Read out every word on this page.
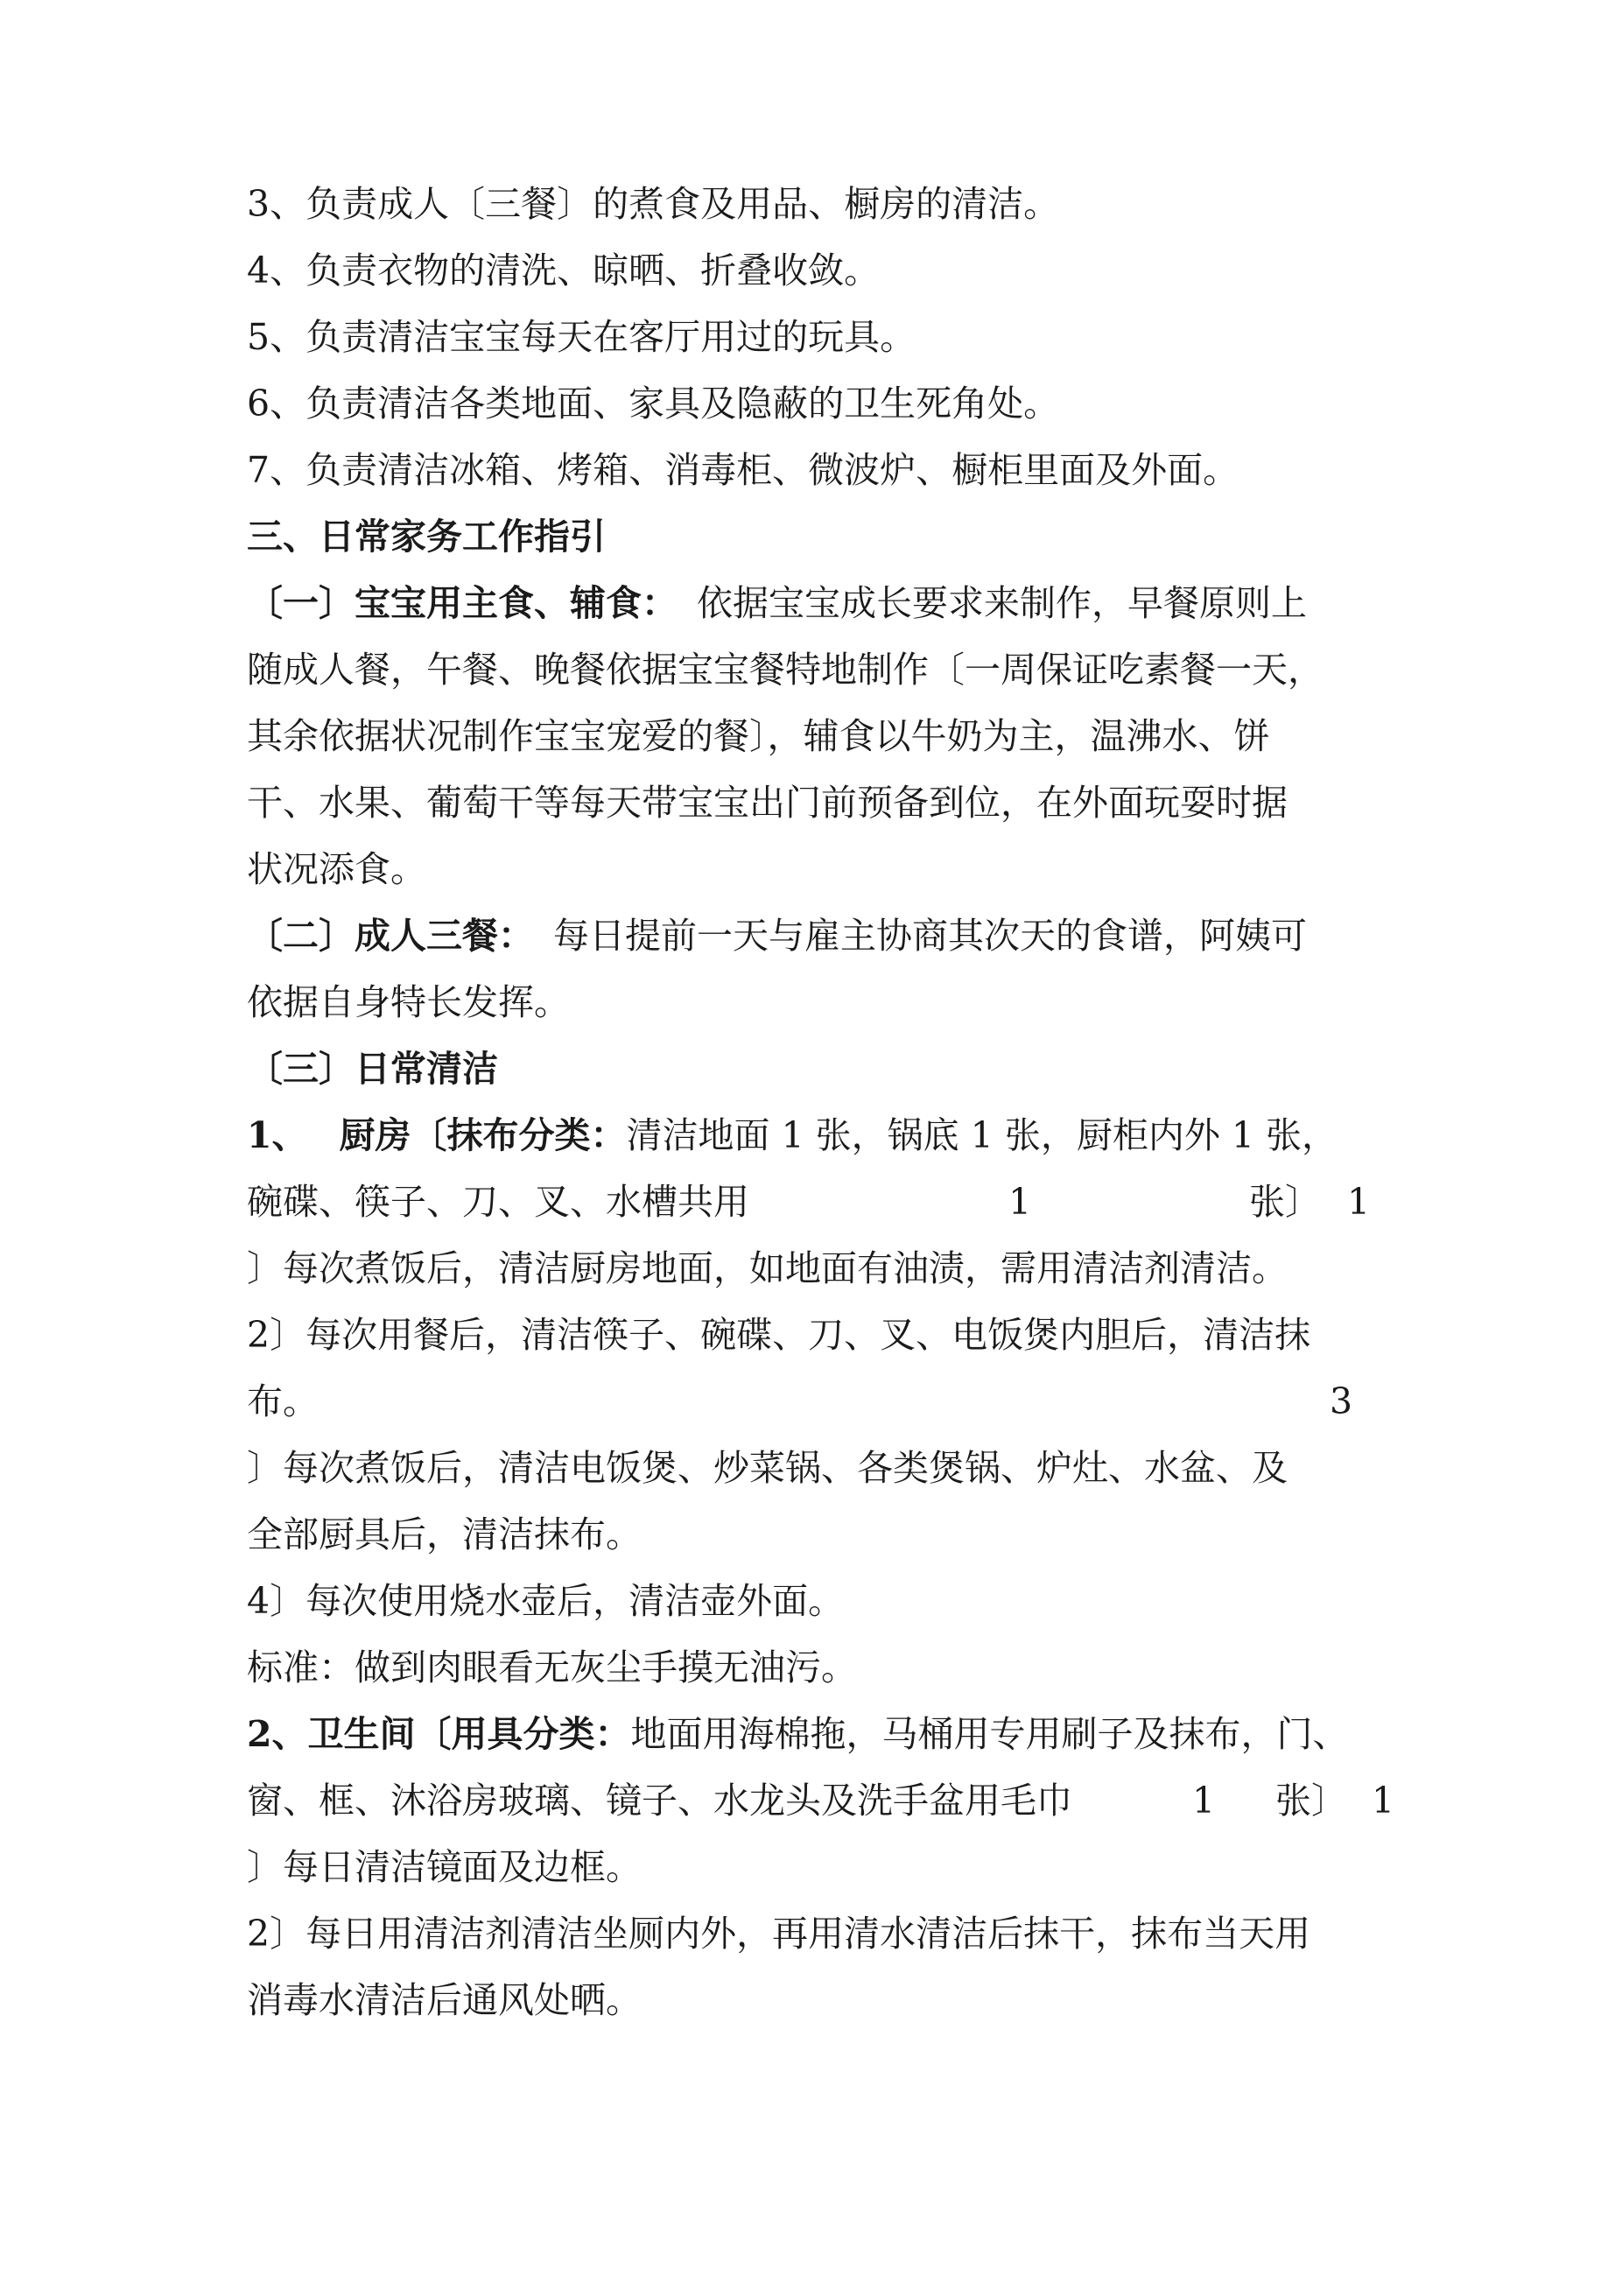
3、负责成人〔三餐〕的煮食及用品、橱房的清洁。
4、负责衣物的清洗、晾晒、折叠收敛。
5、负责清洁宝宝每天在客厅用过的玩具。
6、负责清洁各类地面、家具及隐蔽的卫生死角处。
7、负责清洁冰箱、烤箱、消毒柜、微波炉、橱柜里面及外面。
三、日常家务工作指引
〔一〕宝宝用主食、辅食： 依据宝宝成长要求来制作，早餐原则上
随成人餐，午餐、晚餐依据宝宝餐特地制作〔一周保证吃素餐一天，
其余依据状况制作宝宝宠爱的餐〕，辅食以牛奶为主，温沸水、饼
干、水果、葡萄干等每天带宝宝出门前预备到位，在外面玩耍时据
状况添食。
〔二〕成人三餐： 每日提前一天与雇主协商其次天的食谱，阿姨可
依据自身特长发挥。
〔三〕日常清洁
1、 厨房〔抹布分类：清洁地面 1 张，锅底 1 张，厨柜内外 1 张，
碗碟、筷子、刀、叉、水槽共用	1	张〕 1
〕每次煮饭后，清洁厨房地面，如地面有油渍，需用清洁剂清洁。
2〕每次用餐后，清洁筷子、碗碟、刀、叉、电饭煲内胆后，清洁抹
布。	3
〕每次煮饭后，清洁电饭煲、炒菜锅、各类煲锅、炉灶、水盆、及
全部厨具后，清洁抹布。
4〕每次使用烧水壶后，清洁壶外面。
标准：做到肉眼看无灰尘手摸无油污。
2、卫生间〔用具分类：地面用海棉拖，马桶用专用刷子及抹布，门、
窗、框、沐浴房玻璃、镜子、水龙头及洗手盆用毛巾	1 张〕 1
〕每日清洁镜面及边框。
2〕每日用清洁剂清洁坐厕内外，再用清水清洁后抹干，抹布当天用
消毒水清洁后通风处晒。
